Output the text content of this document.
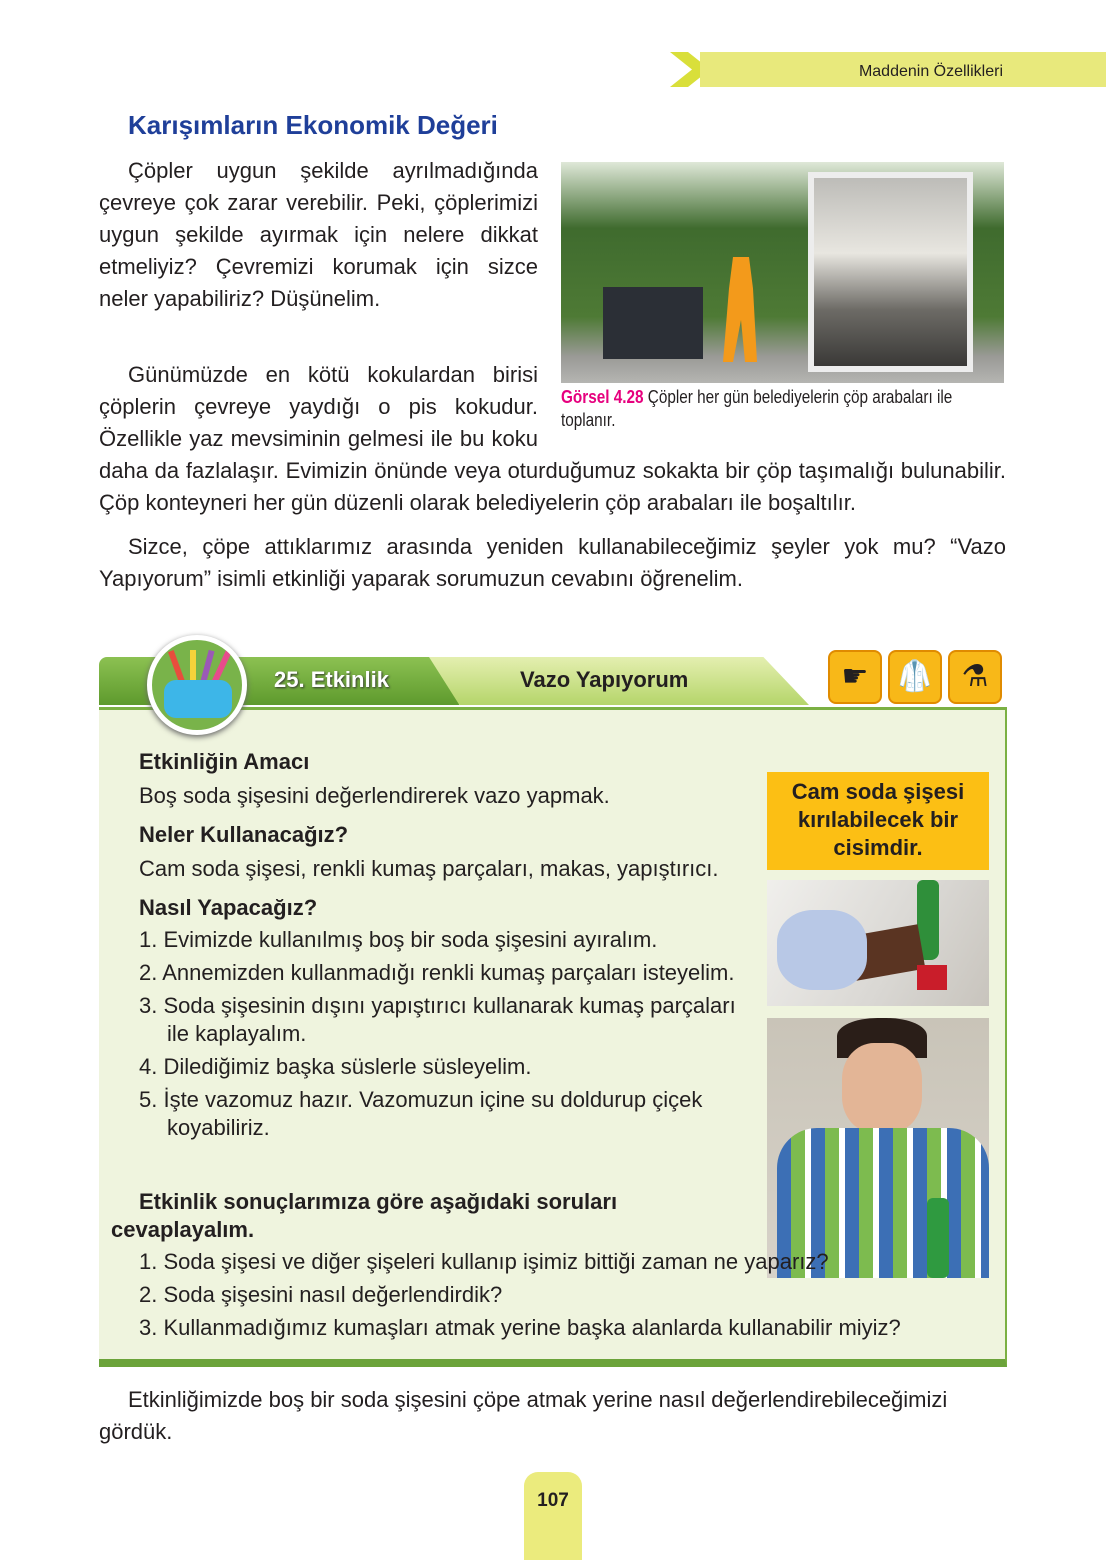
Maddenin Özellikleri
Karışımların Ekonomik Değeri
Görsel 4.28 Çöpler her gün belediyelerin çöp arabaları ile toplanır.

Çöpler uygun şekilde ayrılmadığında çevreye çok zarar verebilir. Peki, çöplerimizi uygun şekilde ayırmak için nelere dikkat etmeliyiz? Çevremizi korumak için sizce neler yapabiliriz? Düşünelim.

Günümüzde en kötü kokulardan birisi çöplerin çevreye yaydığı o pis kokudur. Özellikle yaz mevsiminin gelmesi ile bu koku daha da fazlalaşır. Evimizin önünde veya oturduğumuz sokakta bir çöp taşımalığı bulunabilir. Çöp konteyneri her gün düzenli olarak belediyelerin çöp arabaları ile boşaltılır.

Sizce, çöpe attıklarımız arasında yeniden kullanabileceğimiz şeyler yok mu? “Vazo Yapıyorum” isimli etkinliği yaparak sorumuzun cevabını öğrenelim.

Cam soda şişesi kırılabilecek bir cisimdir.
Etkinliğin Amacı

Boş soda şişesini değerlendirerek vazo yapmak.

Neler Kullanacağız?

Cam soda şişesi, renkli kumaş parçaları, makas, yapıştırıcı.

Nasıl Yapacağız?
1. Evimizde kullanılmış boş bir soda şişesini ayıralım.
2. Annemizden kullanmadığı renkli kumaş parçaları isteyelim.
3. Soda şişesinin dışını yapıştırıcı kullanarak kumaş parçaları ile kaplayalım.
4. Dilediğimiz başka süslerle süsleyelim.
5. İşte vazomuz hazır. Vazomuzun içine su doldurup çiçek koyabiliriz.
Etkinlik sonuçlarımıza göre aşağıdaki soruları cevaplayalım.
1. Soda şişesi ve diğer şişeleri kullanıp işimiz bittiği zaman ne yaparız?
2. Soda şişesini nasıl değerlendirdik?
3. Kullanmadığımız kumaşları atmak yerine başka alanlarda kullanabilir miyiz?
25. Etkinlik	Vazo Yapıyorum	☛ 🥼 ⚗

Etkinliğimizde boş bir soda şişesini çöpe atmak yerine nasıl değerlendirebileceğimizi gördük.

107
